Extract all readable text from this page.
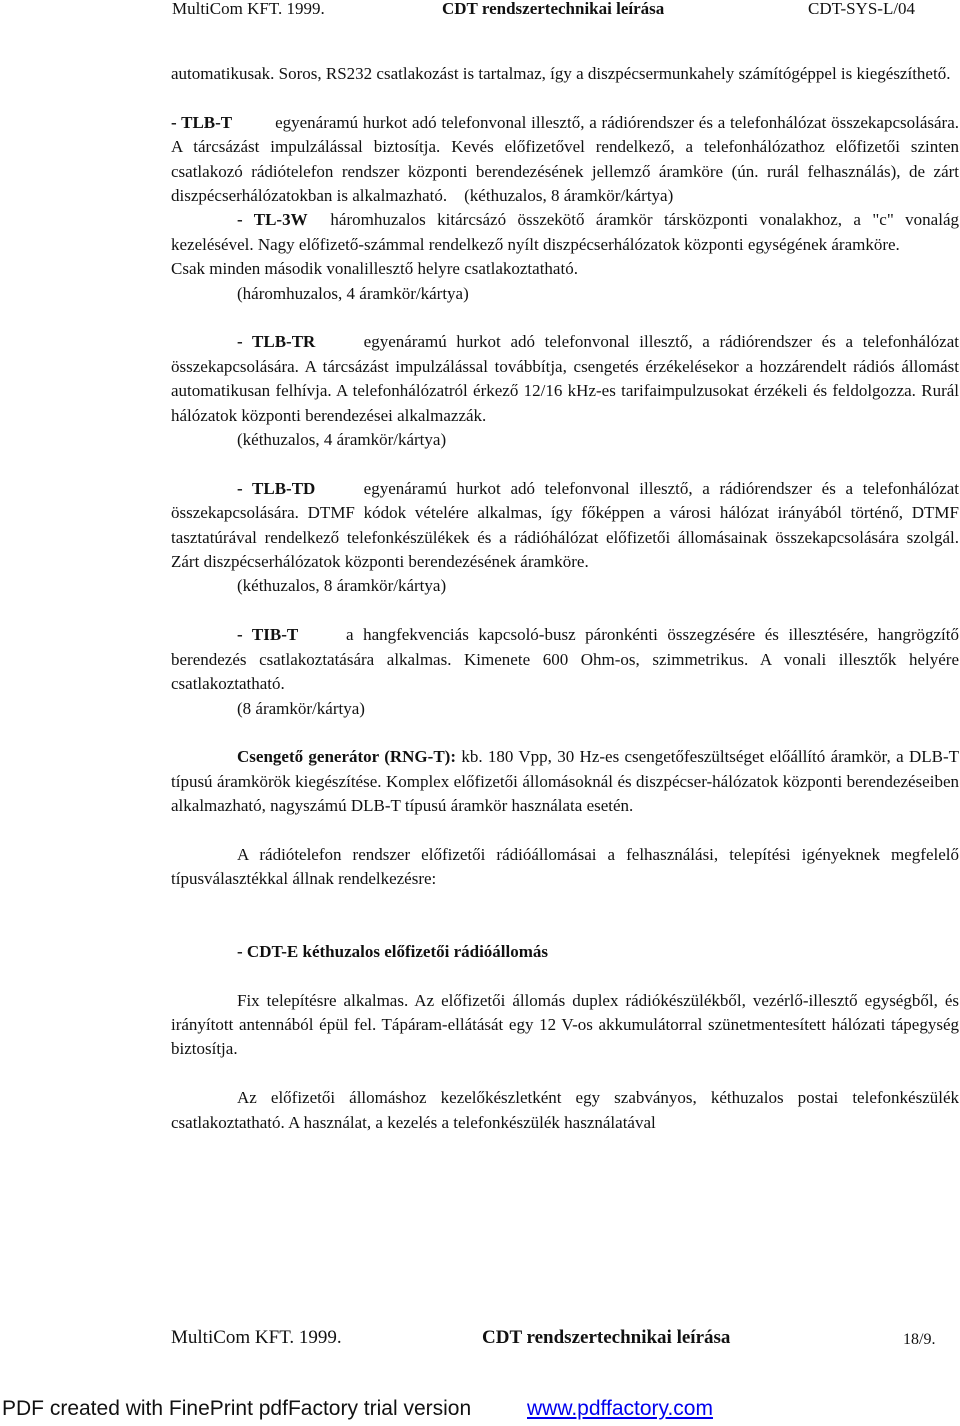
MultiCom KFT. 1999.	CDT rendszertechnikai leírása	CDT-SYS-L/04

automatikusak. Soros, RS232 csatlakozást is tartalmaz, így a diszpécsermunkahely számítógéppel is kiegészíthető.

- TLB-T	egyenáramú hurkot adó telefonvonal illesztő, a rádiórendszer és a telefonhálózat összekapcsolására. A tárcsázást impulzálással biztosítja. Kevés előfizetővel rendelkező, a telefonhálózathoz előfizetői szinten csatlakozó rádiótelefon rendszer központi berendezésének jellemző áramköre (ún. rurál felhasználás), de zárt diszpécserhálózatokban is alkalmazható. (kéthuzalos, 8 áramkör/kártya)

- TL-3W háromhuzalos kitárcsázó összekötő áramkör társközponti vonalakhoz, a "c" vonalág kezelésével. Nagy előfizető-számmal rendelkező nyílt diszpécserhálózatok központi egységének áramköre.

Csak minden második vonalillesztő helyre csatlakoztatható.

(háromhuzalos, 4 áramkör/kártya)

- TLB-TR	egyenáramú hurkot adó telefonvonal illesztő, a rádiórendszer és a telefonhálózat összekapcsolására. A tárcsázást impulzálással továbbítja, csengetés érzékelésekor a hozzárendelt rádiós állomást automatikusan felhívja. A telefonhálózatról érkező 12/16 kHz-es tarifaimpulzusokat érzékeli és feldolgozza. Rurál hálózatok központi berendezései alkalmazzák.

(kéthuzalos, 4 áramkör/kártya)

- TLB-TD	egyenáramú hurkot adó telefonvonal illesztő, a rádiórendszer és a telefonhálózat összekapcsolására. DTMF kódok vételére alkalmas, így főképpen a városi hálózat irányából történő, DTMF tasztatúrával rendelkező telefonkészülékek és a rádióhálózat előfizetői állomásainak összekapcsolására szolgál. Zárt diszpécserhálózatok központi berendezésének áramköre.

(kéthuzalos, 8 áramkör/kártya)

- TIB-T	a hangfekvenciás kapcsoló-busz páronkénti összegzésére és illesztésére, hangrögzítő berendezés csatlakoztatására alkalmas. Kimenete 600 Ohm-os, szimmetrikus. A vonali illesztők helyére csatlakoztatható.

(8 áramkör/kártya)

Csengető generátor (RNG-T): kb. 180 Vpp, 30 Hz-es csengetőfeszültséget előállító áramkör, a DLB-T típusú áramkörök kiegészítése. Komplex előfizetői állomásoknál és diszpécser-hálózatok központi berendezéseiben alkalmazható, nagyszámú DLB-T típusú áramkör használata esetén.

A rádiótelefon rendszer előfizetői rádióállomásai a felhasználási, telepítési igényeknek megfelelő típusválasztékkal állnak rendelkezésre:

- CDT-E kéthuzalos előfizetői rádióállomás

Fix telepítésre alkalmas. Az előfizetői állomás duplex rádiókészülékből, vezérlő-illesztő egységből, és irányított antennából épül fel. Tápáram-ellátását egy 12 V-os akkumulátorral szünetmentesített hálózati tápegység biztosítja.

Az előfizetői állomáshoz kezelőkészletként egy szabványos, kéthuzalos postai telefonkészülék csatlakoztatható. A használat, a kezelés a telefonkészülék használatával

MultiCom KFT. 1999.	CDT rendszertechnikai leírása	18/9.
PDF created with FinePrint pdfFactory trial version	www.pdffactory.com
